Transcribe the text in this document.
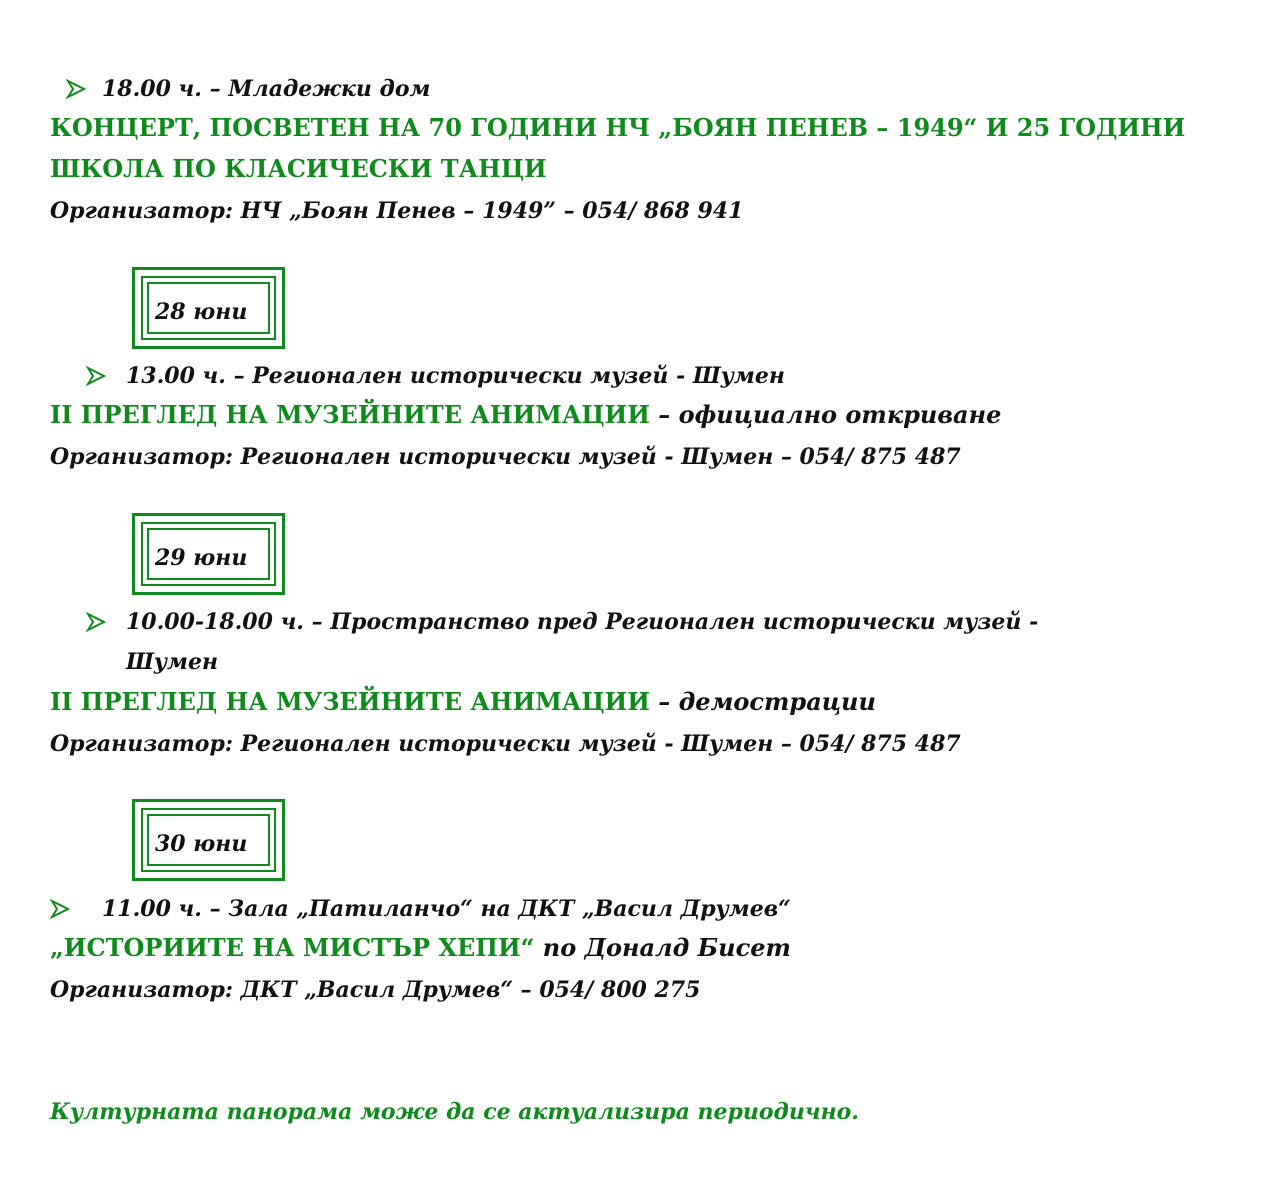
18.00 ч. – Младежки дом
КОНЦЕРТ, ПОСВЕТЕН НА 70 ГОДИНИ НЧ „БОЯН ПЕНЕВ – 1949“ И 25 ГОДИНИ
ШКОЛА ПО КЛАСИЧЕСКИ ТАНЦИ
Организатор: НЧ „Боян Пенев – 1949” – 054/ 868 941
28 юни
13.00 ч. – Регионален исторически музей - Шумен
II ПРЕГЛЕД НА МУЗЕЙНИТЕ АНИМАЦИИ – официално откриване
Организатор: Регионален исторически музей - Шумен – 054/ 875 487
29 юни
10.00-18.00 ч. – Пространство пред Регионален исторически музей -
Шумен
II ПРЕГЛЕД НА МУЗЕЙНИТЕ АНИМАЦИИ – демострации
Организатор: Регионален исторически музей - Шумен – 054/ 875 487
30 юни
11.00 ч. – Зала „Патиланчо“ на ДКТ „Васил Друмев“
„ИСТОРИИТЕ НА МИСТЪР ХЕПИ“ по Доналд Бисет
Организатор: ДКТ „Васил Друмев“ – 054/ 800 275
Културната панорама може да се актуализира периодично.
